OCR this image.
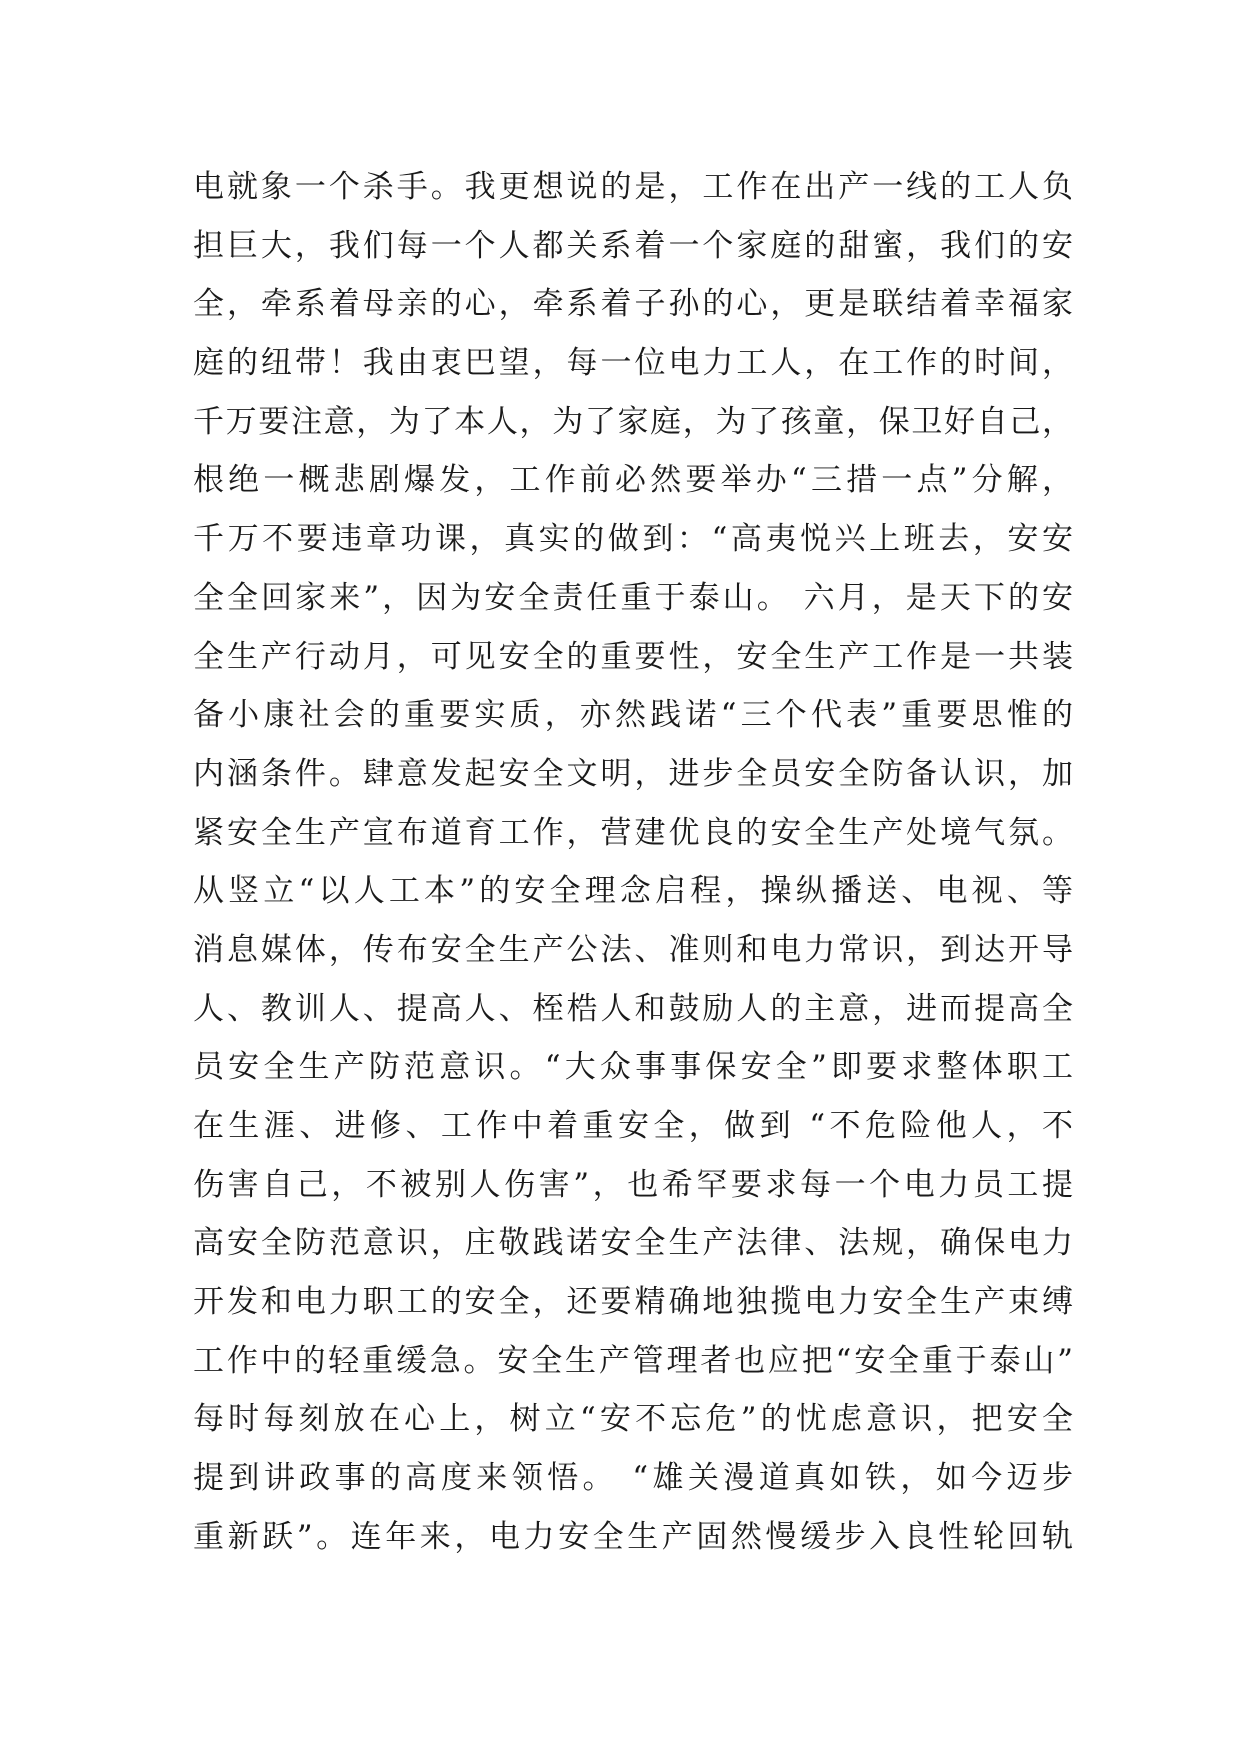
电就象一个杀手。我更想说的是，工作在出产一线的工人负
担巨大，我们每一个人都关系着一个家庭的甜蜜，我们的安
全，牵系着母亲的心，牵系着子孙的心，更是联结着幸福家
庭的纽带！我由衷巴望，每一位电力工人，在工作的时间，
千万要注意，为了本人，为了家庭，为了孩童，保卫好自己，
根绝一概悲剧爆发，工作前必然要举办“三措一点”分解，
千万不要违章功课，真实的做到：“高夷悦兴上班去，安安
全全回家来”，因为安全责任重于泰山。 六月，是天下的安
全生产行动月，可见安全的重要性，安全生产工作是一共装
备小康社会的重要实质，亦然践诺“三个代表”重要思惟的
内涵条件。肆意发起安全文明，进步全员安全防备认识，加
紧安全生产宣布道育工作，营建优良的安全生产处境气氛。
从竖立“以人工本”的安全理念启程，操纵播送、电视、等
消息媒体，传布安全生产公法、准则和电力常识，到达开导
人、教训人、提高人、桎梏人和鼓励人的主意，进而提高全
员安全生产防范意识。“大众事事保安全”即要求整体职工
在生涯、进修、工作中着重安全，做到 “不危险他人，不
伤害自己，不被别人伤害”，也希罕要求每一个电力员工提
高安全防范意识，庄敬践诺安全生产法律、法规，确保电力
开发和电力职工的安全，还要精确地独揽电力安全生产束缚
工作中的轻重缓急。安全生产管理者也应把“安全重于泰山”
每时每刻放在心上，树立“安不忘危”的忧虑意识，把安全
提到讲政事的高度来领悟。 “雄关漫道真如铁，如今迈步
重新跃”。连年来，电力安全生产固然慢缓步入良性轮回轨
